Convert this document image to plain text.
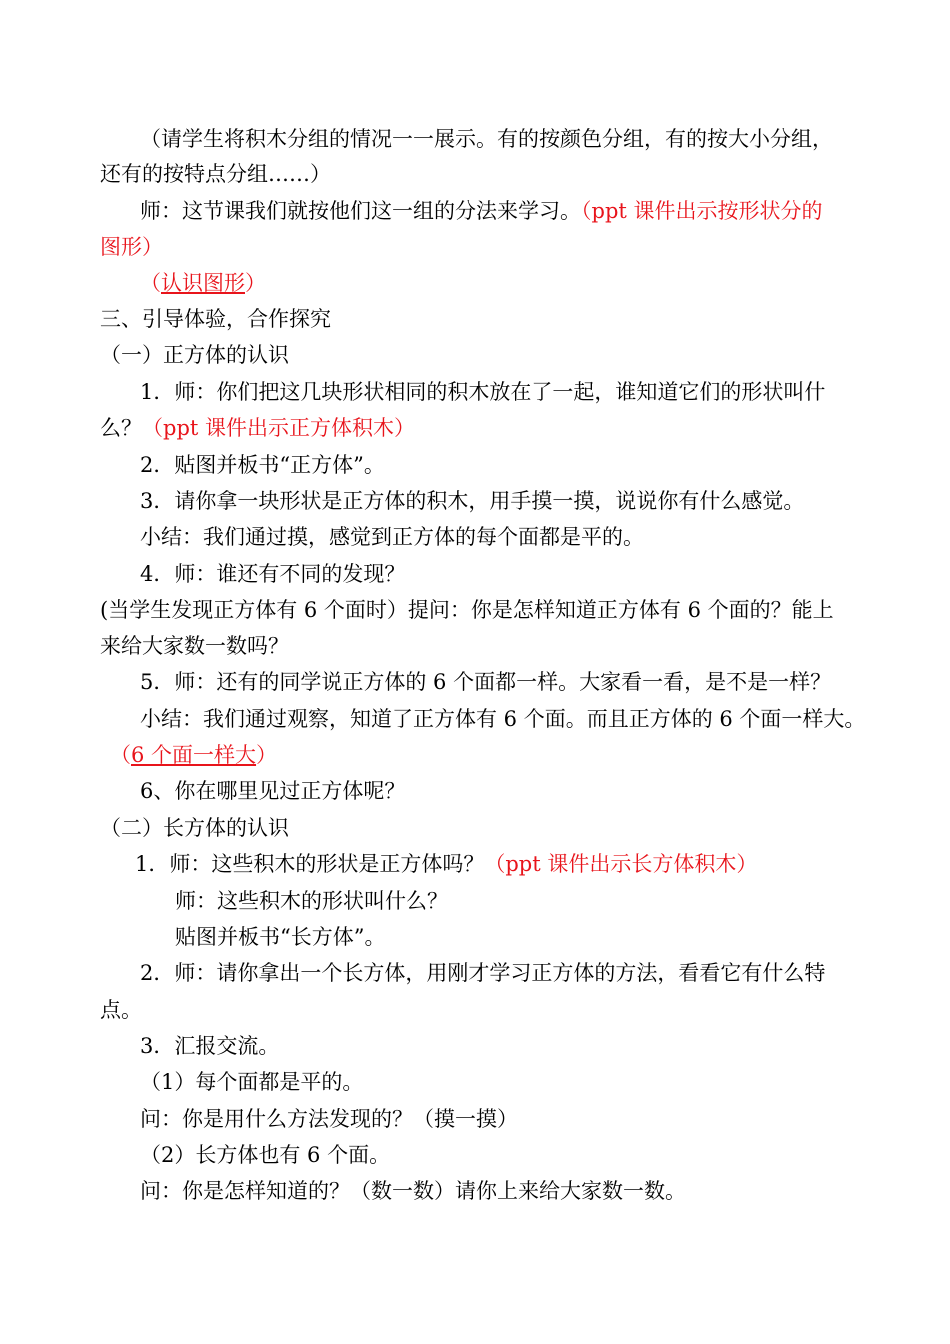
（请学生将积木分组的情况一一展示。有的按颜色分组，有的按大小分组，
还有的按特点分组……）
师：这节课我们就按他们这一组的分法来学习。（ppt 课件出示按形状分的
图形）
（认识图形）
三、引导体验，合作探究
（一）正方体的认识
1．师：你们把这几块形状相同的积木放在了一起，谁知道它们的形状叫什
么？（ppt 课件出示正方体积木）
2．贴图并板书“正方体”。
3．请你拿一块形状是正方体的积木，用手摸一摸，说说你有什么感觉。
小结：我们通过摸，感觉到正方体的每个面都是平的。
4．师：谁还有不同的发现？
(当学生发现正方体有 6 个面时）提问：你是怎样知道正方体有 6 个面的？能上
来给大家数一数吗？
5．师：还有的同学说正方体的 6 个面都一样。大家看一看，是不是一样？
小结：我们通过观察，知道了正方体有 6 个面。而且正方体的 6 个面一样大。
（6 个面一样大）
6、你在哪里见过正方体呢？
（二）长方体的认识
1．师：这些积木的形状是正方体吗？（ppt 课件出示长方体积木）
师：这些积木的形状叫什么？
贴图并板书“长方体”。
2．师：请你拿出一个长方体，用刚才学习正方体的方法，看看它有什么特
点。
3．汇报交流。
（1）每个面都是平的。
问：你是用什么方法发现的？（摸一摸）
（2）长方体也有 6 个面。
问：你是怎样知道的？（数一数）请你上来给大家数一数。
